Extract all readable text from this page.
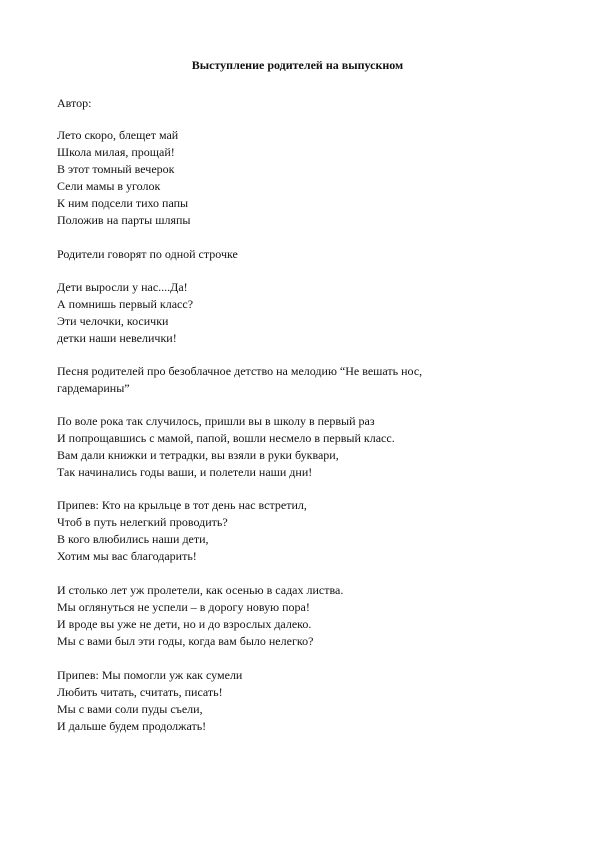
Выступление родителей на выпускном
Автор:
Лето скоро, блещет май
Школа милая, прощай!
В этот томный вечерок
Сели мамы в уголок
К ним подсели тихо папы
Положив на парты шляпы
Родители говорят по одной строчке
Дети выросли у нас....Да!
А помнишь первый класс?
Эти челочки, косички
детки наши невелички!
Песня родителей про безоблачное детство на мелодию “Не вешать нос,
гардемарины”
По воле рока так случилось, пришли вы в школу в первый раз
И попрощавшись с мамой, папой, вошли несмело в первый класс.
Вам дали книжки и тетрадки, вы взяли в руки буквари,
Так начинались годы ваши, и полетели наши дни!
Припев: Кто на крыльце в тот день нас встретил,
Чтоб в путь нелегкий проводить?
В кого влюбились наши дети,
Хотим мы вас благодарить!
И столько лет уж пролетели, как осенью в садах листва.
Мы оглянуться не успели – в дорогу новую пора!
И вроде вы уже не дети, но и до взрослых далеко.
Мы с вами был эти годы, когда вам было нелегко?
Припев: Мы помогли уж как сумели
Любить читать, считать, писать!
Мы с вами соли пуды съели,
И дальше будем продолжать!
